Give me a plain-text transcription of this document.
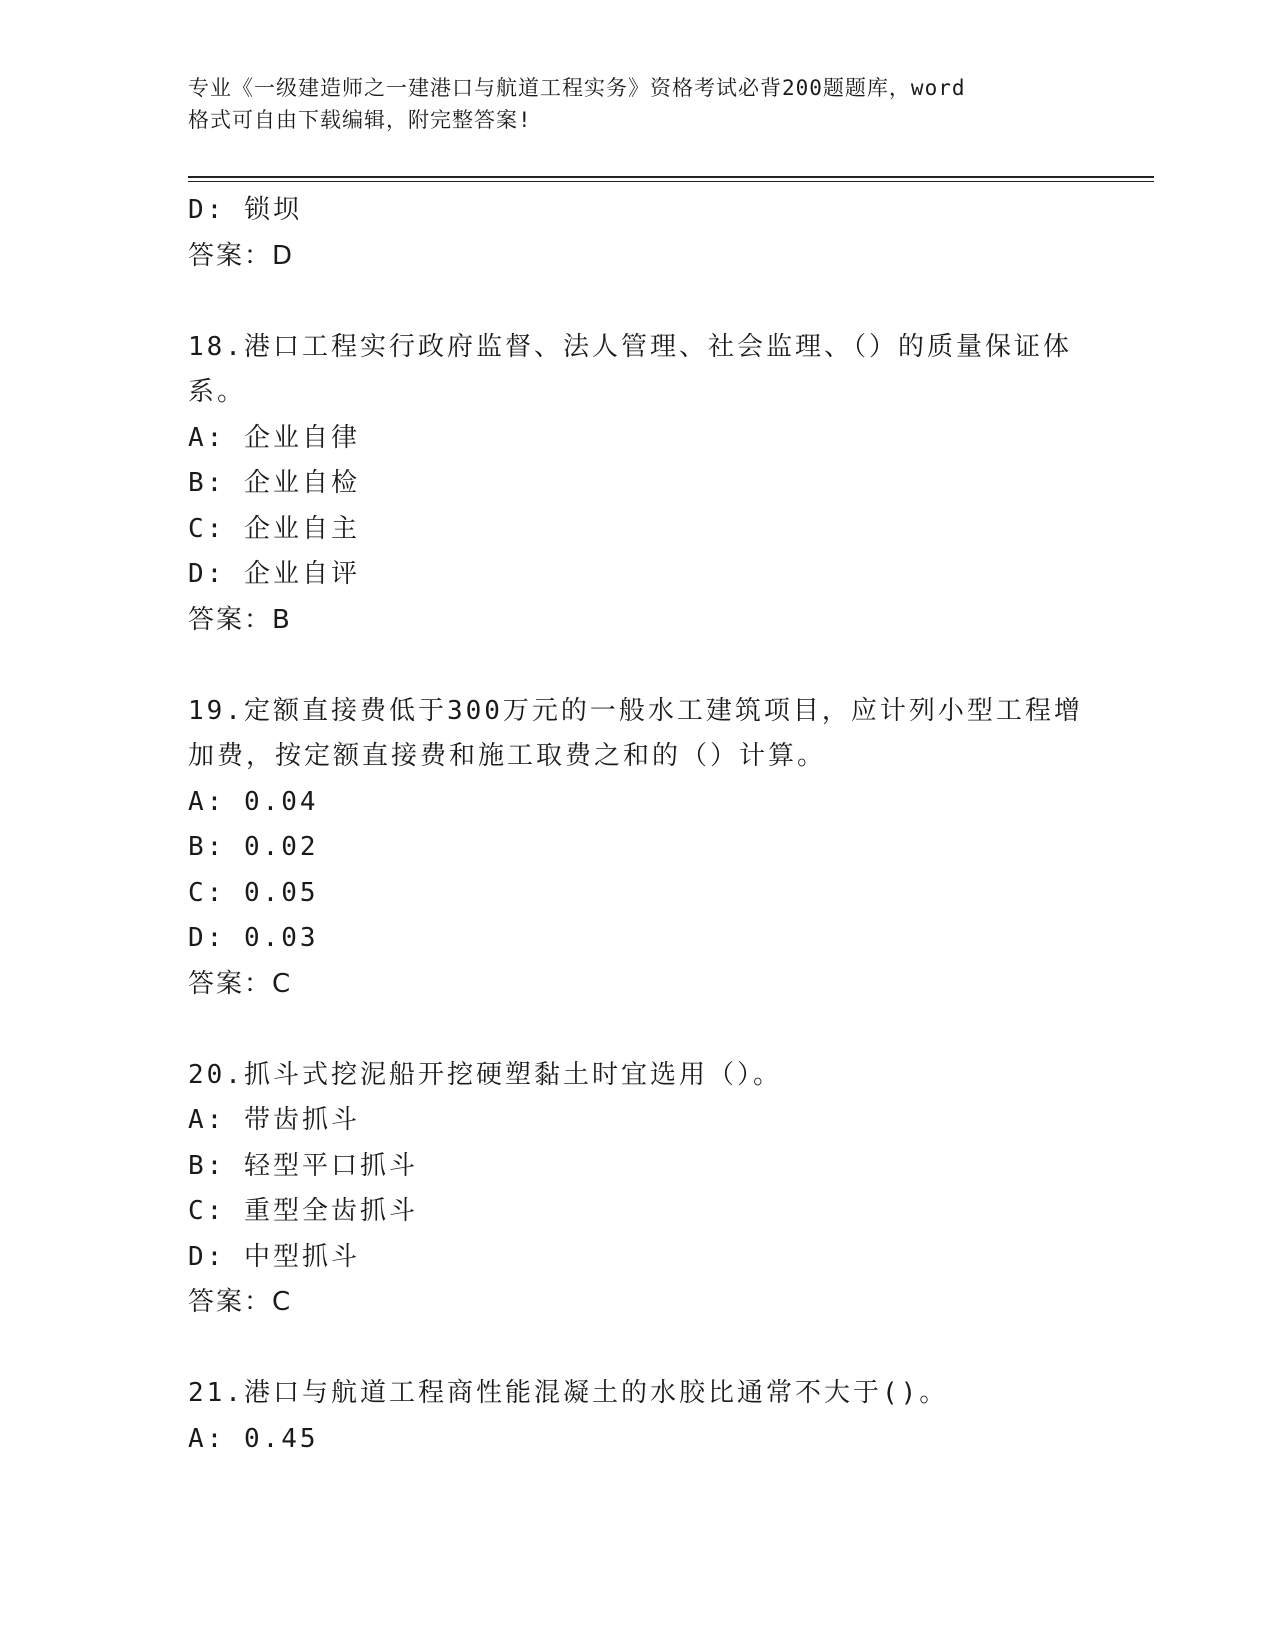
专业《一级建造师之一建港口与航道工程实务》资格考试必背200题题库，word
格式可自由下载编辑，附完整答案!
D: 锁坝
答案：D
18.港口工程实行政府监督、法人管理、社会监理、（）的质量保证体
系。
A: 企业自律
B: 企业自检
C: 企业自主
D: 企业自评
答案：B
19.定额直接费低于300万元的一般水工建筑项目，应计列小型工程增
加费，按定额直接费和施工取费之和的（）计算。
A: 0.04
B: 0.02
C: 0.05
D: 0.03
答案：C
20.抓斗式挖泥船开挖硬塑黏土时宜选用（）。
A: 带齿抓斗
B: 轻型平口抓斗
C: 重型全齿抓斗
D: 中型抓斗
答案：C
21.港口与航道工程商性能混凝土的水胶比通常不大于()。
A: 0.45
